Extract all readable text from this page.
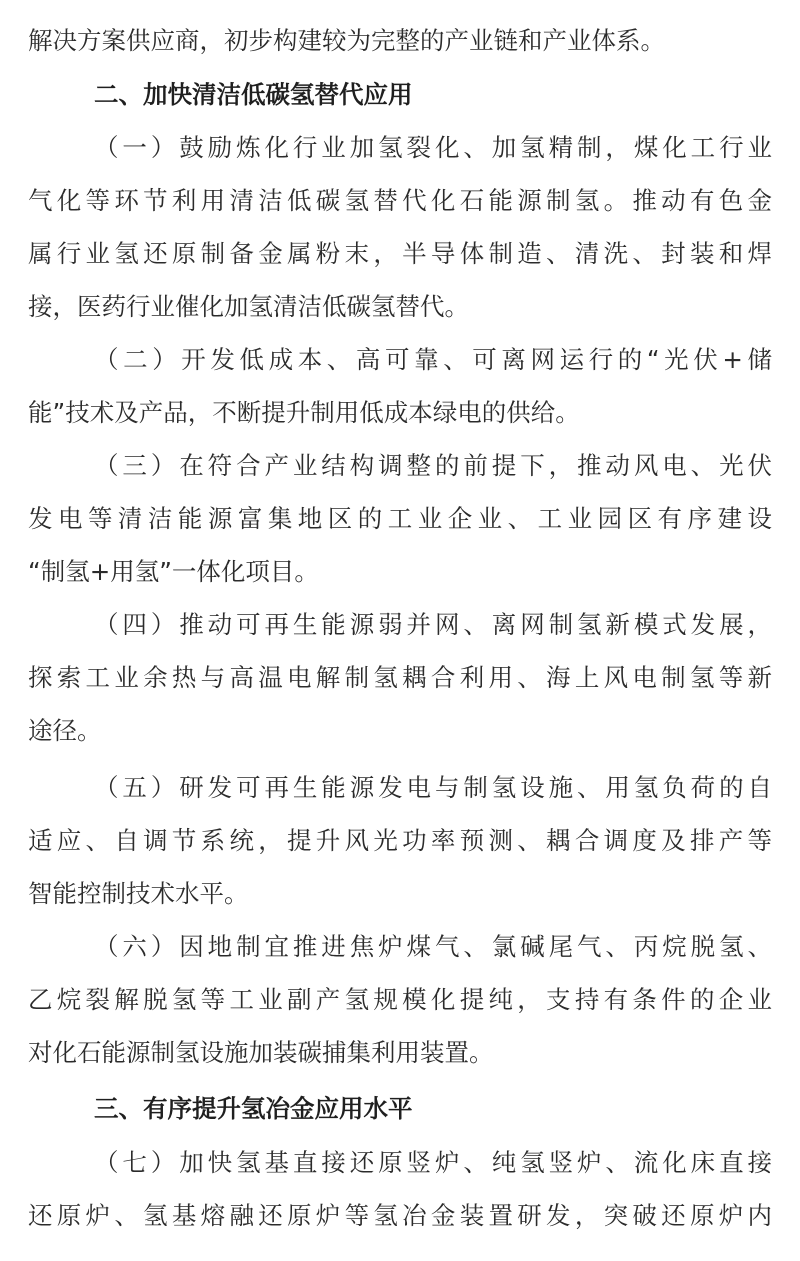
解决方案供应商，初步构建较为完整的产业链和产业体系。
二、加快清洁低碳氢替代应用
（一）鼓励炼化行业加氢裂化、加氢精制，煤化工行业
气化等环节利用清洁低碳氢替代化石能源制氢。推动有色金
属行业氢还原制备金属粉末，半导体制造、清洗、封装和焊
接，医药行业催化加氢清洁低碳氢替代。
（二）开发低成本、高可靠、可离网运行的“光伏+储
能”技术及产品，不断提升制用低成本绿电的供给。
（三）在符合产业结构调整的前提下，推动风电、光伏
发电等清洁能源富集地区的工业企业、工业园区有序建设
“制氢+用氢”一体化项目。
（四）推动可再生能源弱并网、离网制氢新模式发展，
探索工业余热与高温电解制氢耦合利用、海上风电制氢等新
途径。
（五）研发可再生能源发电与制氢设施、用氢负荷的自
适应、自调节系统，提升风光功率预测、耦合调度及排产等
智能控制技术水平。
（六）因地制宜推进焦炉煤气、氯碱尾气、丙烷脱氢、
乙烷裂解脱氢等工业副产氢规模化提纯，支持有条件的企业
对化石能源制氢设施加装碳捕集利用装置。
三、有序提升氢冶金应用水平
（七）加快氢基直接还原竖炉、纯氢竖炉、流化床直接
还原炉、氢基熔融还原炉等氢冶金装置研发，突破还原炉内
